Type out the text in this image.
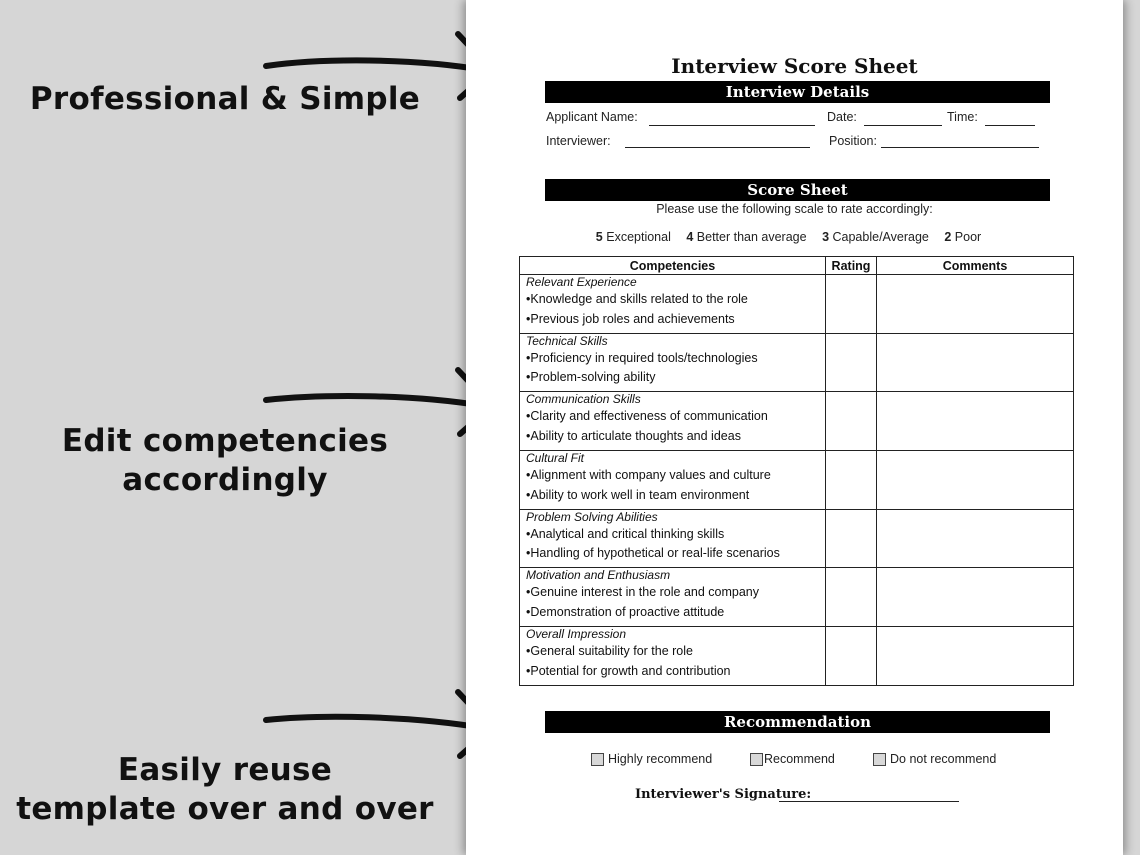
Professional & Simple
Edit competencies
accordingly
Easily reuse
template over and over
Interview Score Sheet
Interview Details
Applicant Name:	Date:	Time:
Interviewer:	Position:
Score Sheet
Please use the following scale to rate accordingly:
5 Exceptional 4 Better than average 3 Capable/Average 2 Poor
Competencies	Rating	Comments

Relevant Experience
• Knowledge and skills related to the role
• Previous job roles and achievements

Technical Skills
• Proficiency in required tools/technologies
• Problem-solving ability

Communication Skills
• Clarity and effectiveness of communication
• Ability to articulate thoughts and ideas

Cultural Fit
• Alignment with company values and culture
• Ability to work well in team environment

Problem Solving Abilities
• Analytical and critical thinking skills
• Handling of hypothetical or real-life scenarios

Motivation and Enthusiasm
• Genuine interest in the role and company
• Demonstration of proactive attitude

Overall Impression
• General suitability for the role
• Potential for growth and contribution

Recommendation
Highly recommend	Recommend	Do not recommend
Interviewer's Signature:
